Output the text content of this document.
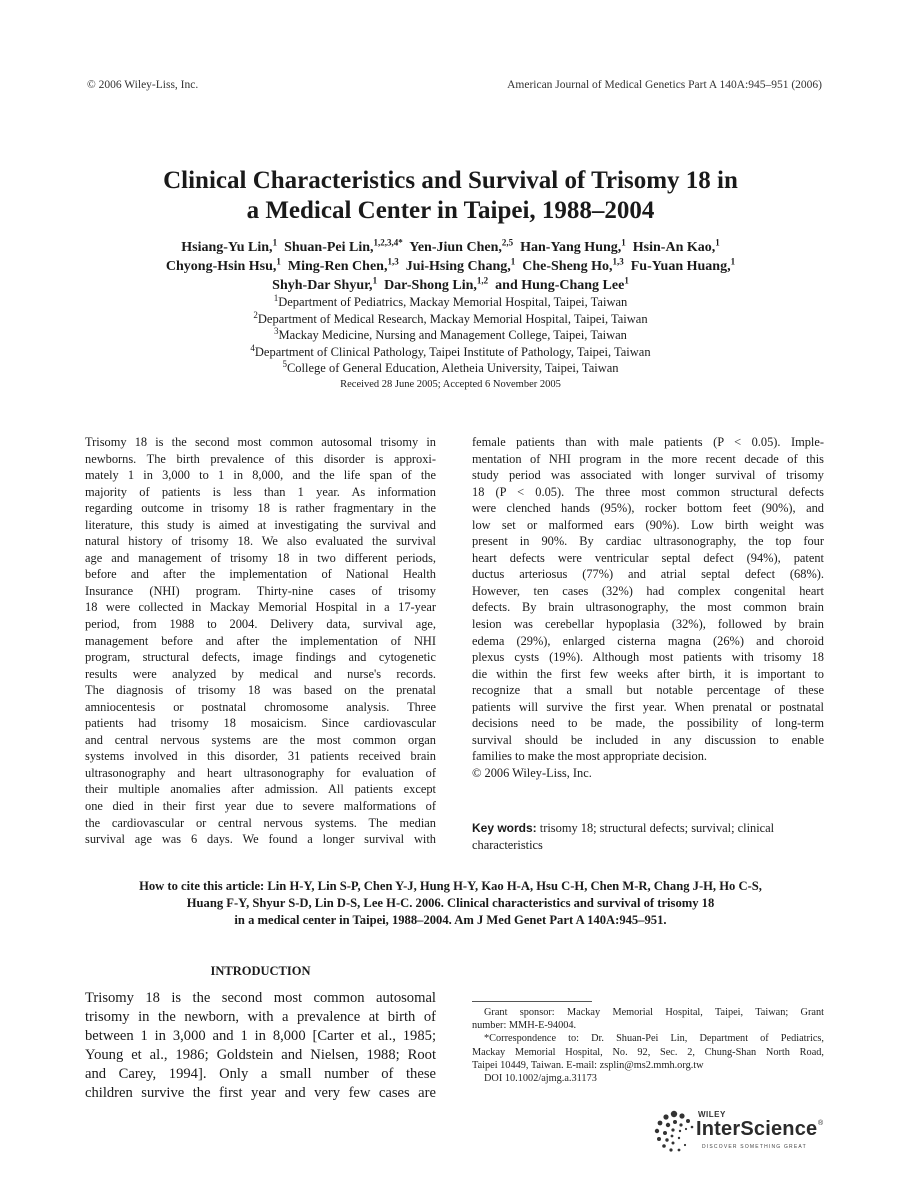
© 2006 Wiley-Liss, Inc.	American Journal of Medical Genetics Part A 140A:945–951 (2006)
Clinical Characteristics and Survival of Trisomy 18 in
a Medical Center in Taipei, 1988–2004
Hsiang-Yu Lin,$^1$ Shuan-Pei Lin,$^{1,2,3,4*}$ Yen-Jiun Chen,$^{2,5}$ Han-Yang Hung,$^1$ Hsin-An Kao,$^1$
Chyong-Hsin Hsu,$^1$ Ming-Ren Chen,$^{1,3}$ Jui-Hsing Chang,$^1$ Che-Sheng Ho,$^{1,3}$ Fu-Yuan Huang,$^1$
Shyh-Dar Shyur,$^1$ Dar-Shong Lin,$^{1,2}$ and Hung-Chang Lee$^1$
$^1$Department of Pediatrics, Mackay Memorial Hospital, Taipei, Taiwan
$^2$Department of Medical Research, Mackay Memorial Hospital, Taipei, Taiwan
$^3$Mackay Medicine, Nursing and Management College, Taipei, Taiwan
$^4$Department of Clinical Pathology, Taipei Institute of Pathology, Taipei, Taiwan
$^5$College of General Education, Aletheia University, Taipei, Taiwan
Received 28 June 2005; Accepted 6 November 2005
Trisomy 18 is the second most common autosomal trisomy in
newborns. The birth prevalence of this disorder is approxi-
mately 1 in 3,000 to 1 in 8,000, and the life span of the
majority of patients is less than 1 year. As information
regarding outcome in trisomy 18 is rather fragmentary in the
literature, this study is aimed at investigating the survival and
natural history of trisomy 18. We also evaluated the survival
age and management of trisomy 18 in two different periods,
before and after the implementation of National Health
Insurance (NHI) program. Thirty-nine cases of trisomy
18 were collected in Mackay Memorial Hospital in a 17-year
period, from 1988 to 2004. Delivery data, survival age,
management before and after the implementation of NHI
program, structural defects, image findings and cytogenetic
results were analyzed by medical and nurse's records.
The diagnosis of trisomy 18 was based on the prenatal
amniocentesis or postnatal chromosome analysis. Three
patients had trisomy 18 mosaicism. Since cardiovascular
and central nervous systems are the most common organ
systems involved in this disorder, 31 patients received brain
ultrasonography and heart ultrasonography for evaluation of
their multiple anomalies after admission. All patients except
one died in their first year due to severe malformations of
the cardiovascular or central nervous systems. The median
survival age was 6 days. We found a longer survival with
female patients than with male patients (P < 0.05). Imple-
mentation of NHI program in the more recent decade of this
study period was associated with longer survival of trisomy
18 (P < 0.05). The three most common structural defects
were clenched hands (95%), rocker bottom feet (90%), and
low set or malformed ears (90%). Low birth weight was
present in 90%. By cardiac ultrasonography, the top four
heart defects were ventricular septal defect (94%), patent
ductus arteriosus (77%) and atrial septal defect (68%).
However, ten cases (32%) had complex congenital heart
defects. By brain ultrasonography, the most common brain
lesion was cerebellar hypoplasia (32%), followed by brain
edema (29%), enlarged cisterna magna (26%) and choroid
plexus cysts (19%). Although most patients with trisomy 18
die within the first few weeks after birth, it is important to
recognize that a small but notable percentage of these
patients will survive the first year. When prenatal or postnatal
decisions need to be made, the possibility of long-term
survival should be included in any discussion to enable
families to make the most appropriate decision.
© 2006 Wiley-Liss, Inc.
Key words: trisomy 18; structural defects; survival; clinical characteristics
How to cite this article: Lin H-Y, Lin S-P, Chen Y-J, Hung H-Y, Kao H-A, Hsu C-H, Chen M-R, Chang J-H, Ho C-S,
Huang F-Y, Shyur S-D, Lin D-S, Lee H-C. 2006. Clinical characteristics and survival of trisomy 18
in a medical center in Taipei, 1988–2004. Am J Med Genet Part A 140A:945–951.
INTRODUCTION
Trisomy 18 is the second most common autosomal
trisomy in the newborn, with a prevalence at birth of
between 1 in 3,000 and 1 in 8,000 [Carter et al., 1985;
Young et al., 1986; Goldstein and Nielsen, 1988; Root
and Carey, 1994]. Only a small number of these
children survive the first year and very few cases are
Grant sponsor: Mackay Memorial Hospital, Taipei, Taiwan; Grant
number: MMH-E-94004.
*Correspondence to: Dr. Shuan-Pei Lin, Department of Pediatrics,
Mackay Memorial Hospital, No. 92, Sec. 2, Chung-Shan North Road,
Taipei 10449, Taiwan. E-mail: zsplin@ms2.mmh.org.tw
DOI 10.1002/ajmg.a.31173
WILEY
InterScience ®
DISCOVER SOMETHING GREAT
